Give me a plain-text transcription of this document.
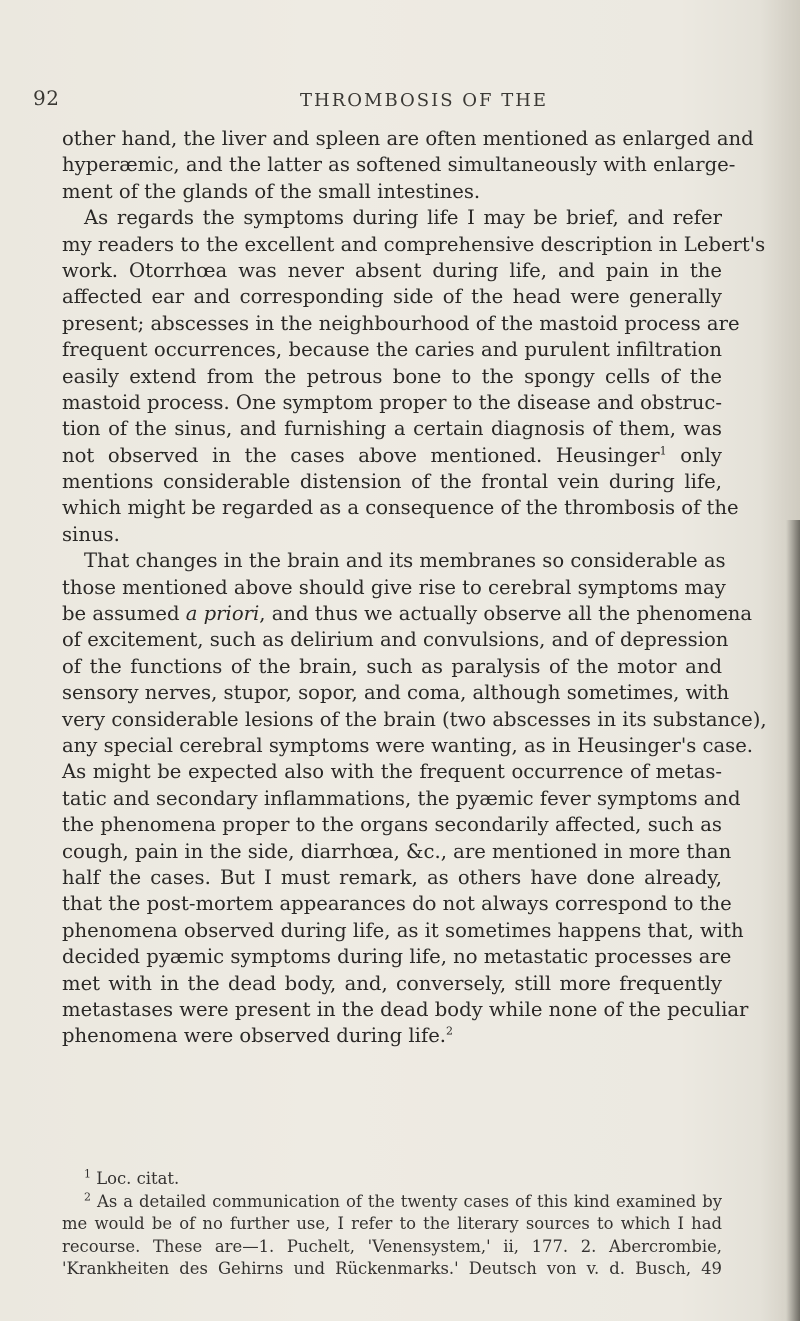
92	THROMBOSIS OF THE
other hand, the liver and spleen are often mentioned as enlarged and
hyperæmic, and the latter as softened simultaneously with enlarge-
ment of the glands of the small intestines.
As regards the symptoms during life I may be brief, and refer
my readers to the excellent and comprehensive description in Lebert's
work. Otorrhœa was never absent during life, and pain in the
affected ear and corresponding side of the head were generally
present; abscesses in the neighbourhood of the mastoid process are
frequent occurrences, because the caries and purulent infiltration
easily extend from the petrous bone to the spongy cells of the
mastoid process. One symptom proper to the disease and obstruc-
tion of the sinus, and furnishing a certain diagnosis of them, was
not observed in the cases above mentioned. Heusinger$^1$ only
mentions considerable distension of the frontal vein during life,
which might be regarded as a consequence of the thrombosis of the
sinus.
That changes in the brain and its membranes so considerable as
those mentioned above should give rise to cerebral symptoms may
be assumed a priori, and thus we actually observe all the phenomena
of excitement, such as delirium and convulsions, and of depression
of the functions of the brain, such as paralysis of the motor and
sensory nerves, stupor, sopor, and coma, although sometimes, with
very considerable lesions of the brain (two abscesses in its substance),
any special cerebral symptoms were wanting, as in Heusinger's case.
As might be expected also with the frequent occurrence of metas-
tatic and secondary inflammations, the pyæmic fever symptoms and
the phenomena proper to the organs secondarily affected, such as
cough, pain in the side, diarrhœa, &c., are mentioned in more than
half the cases. But I must remark, as others have done already,
that the post-mortem appearances do not always correspond to the
phenomena observed during life, as it sometimes happens that, with
decided pyæmic symptoms during life, no metastatic processes are
met with in the dead body, and, conversely, still more frequently
metastases were present in the dead body while none of the peculiar
phenomena were observed during life.$^2$
$^1$ Loc. citat.
$^2$ As a detailed communication of the twenty cases of this kind examined by
me would be of no further use, I refer to the literary sources to which I had
recourse. These are—1. Puchelt, 'Venensystem,' ii, 177. 2. Abercrombie,
'Krankheiten des Gehirns und Rückenmarks.' Deutsch von v. d. Busch, 49
